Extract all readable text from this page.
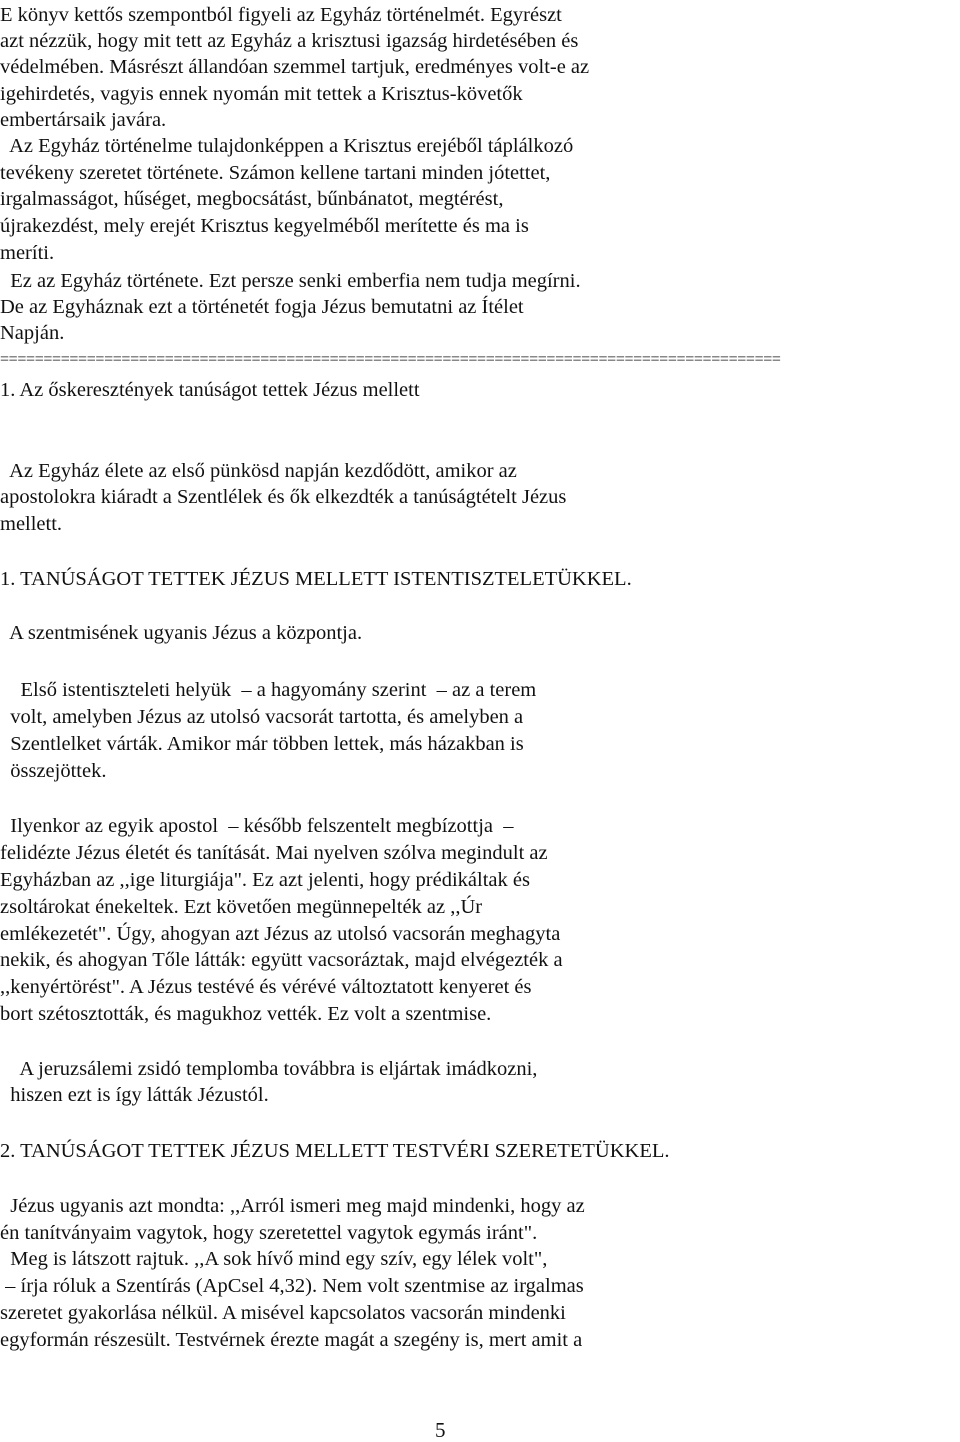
E könyv kettős szempontból figyeli az Egyház történelmét. Egyrészt
azt nézzük, hogy mit tett az Egyház a krisztusi igazság hirdetésében és
védelmében. Másrészt állandóan szemmel tartjuk, eredményes volt-e az
igehirdetés, vagyis ennek nyomán mit tettek a Krisztus-követők
embertársaik javára.
Az Egyház történelme tulajdonképpen a Krisztus erejéből táplálkozó
tevékeny szeretet története. Számon kellene tartani minden jótettet,
irgalmasságot, hűséget, megbocsátást, bűnbánatot, megtérést,
újrakezdést, mely erejét Krisztus kegyelméből merítette és ma is
meríti.
Ez az Egyház története. Ezt persze senki emberfia nem tudja megírni.
De az Egyháznak ezt a történetét fogja Jézus bemutatni az Ítélet
Napján.
==========================================================================================
1. Az őskeresztények tanúságot tettek Jézus mellett
Az Egyház élete az első pünkösd napján kezdődött, amikor az
apostolokra kiáradt a Szentlélek és ők elkezdték a tanúságtételt Jézus
mellett.
1. TANÚSÁGOT TETTEK JÉZUS MELLETT ISTENTISZTELETÜKKEL.
A szentmisének ugyanis Jézus a központja.
Első istentiszteleti helyük  – a hagyomány szerint  – az a terem
volt, amelyben Jézus az utolsó vacsorát tartotta, és amelyben a
Szentlelket várták. Amikor már többen lettek, más házakban is
összejöttek.
Ilyenkor az egyik apostol  – később felszentelt megbízottja  –
felidézte Jézus életét és tanítását. Mai nyelven szólva megindult az
Egyházban az ,,ige liturgiája". Ez azt jelenti, hogy prédikáltak és
zsoltárokat énekeltek. Ezt követően megünnepelték az ,,Úr
emlékezetét". Úgy, ahogyan azt Jézus az utolsó vacsorán meghagyta
nekik, és ahogyan Tőle látták: együtt vacsoráztak, majd elvégezték a
,,kenyértörést". A Jézus testévé és vérévé változtatott kenyeret és
bort szétosztották, és magukhoz vették. Ez volt a szentmise.
A jeruzsálemi zsidó templomba továbbra is eljártak imádkozni,
hiszen ezt is így látták Jézustól.
2. TANÚSÁGOT TETTEK JÉZUS MELLETT TESTVÉRI SZERETETÜKKEL.
Jézus ugyanis azt mondta: ,,Arról ismeri meg majd mindenki, hogy az
én tanítványaim vagytok, hogy szeretettel vagytok egymás iránt".
Meg is látszott rajtuk. ,,A sok hívő mind egy szív, egy lélek volt",
– írja róluk a Szentírás (ApCsel 4,32). Nem volt szentmise az irgalmas
szeretet gyakorlása nélkül. A misével kapcsolatos vacsorán mindenki
egyformán részesült. Testvérnek érezte magát a szegény is, mert amit a
5
